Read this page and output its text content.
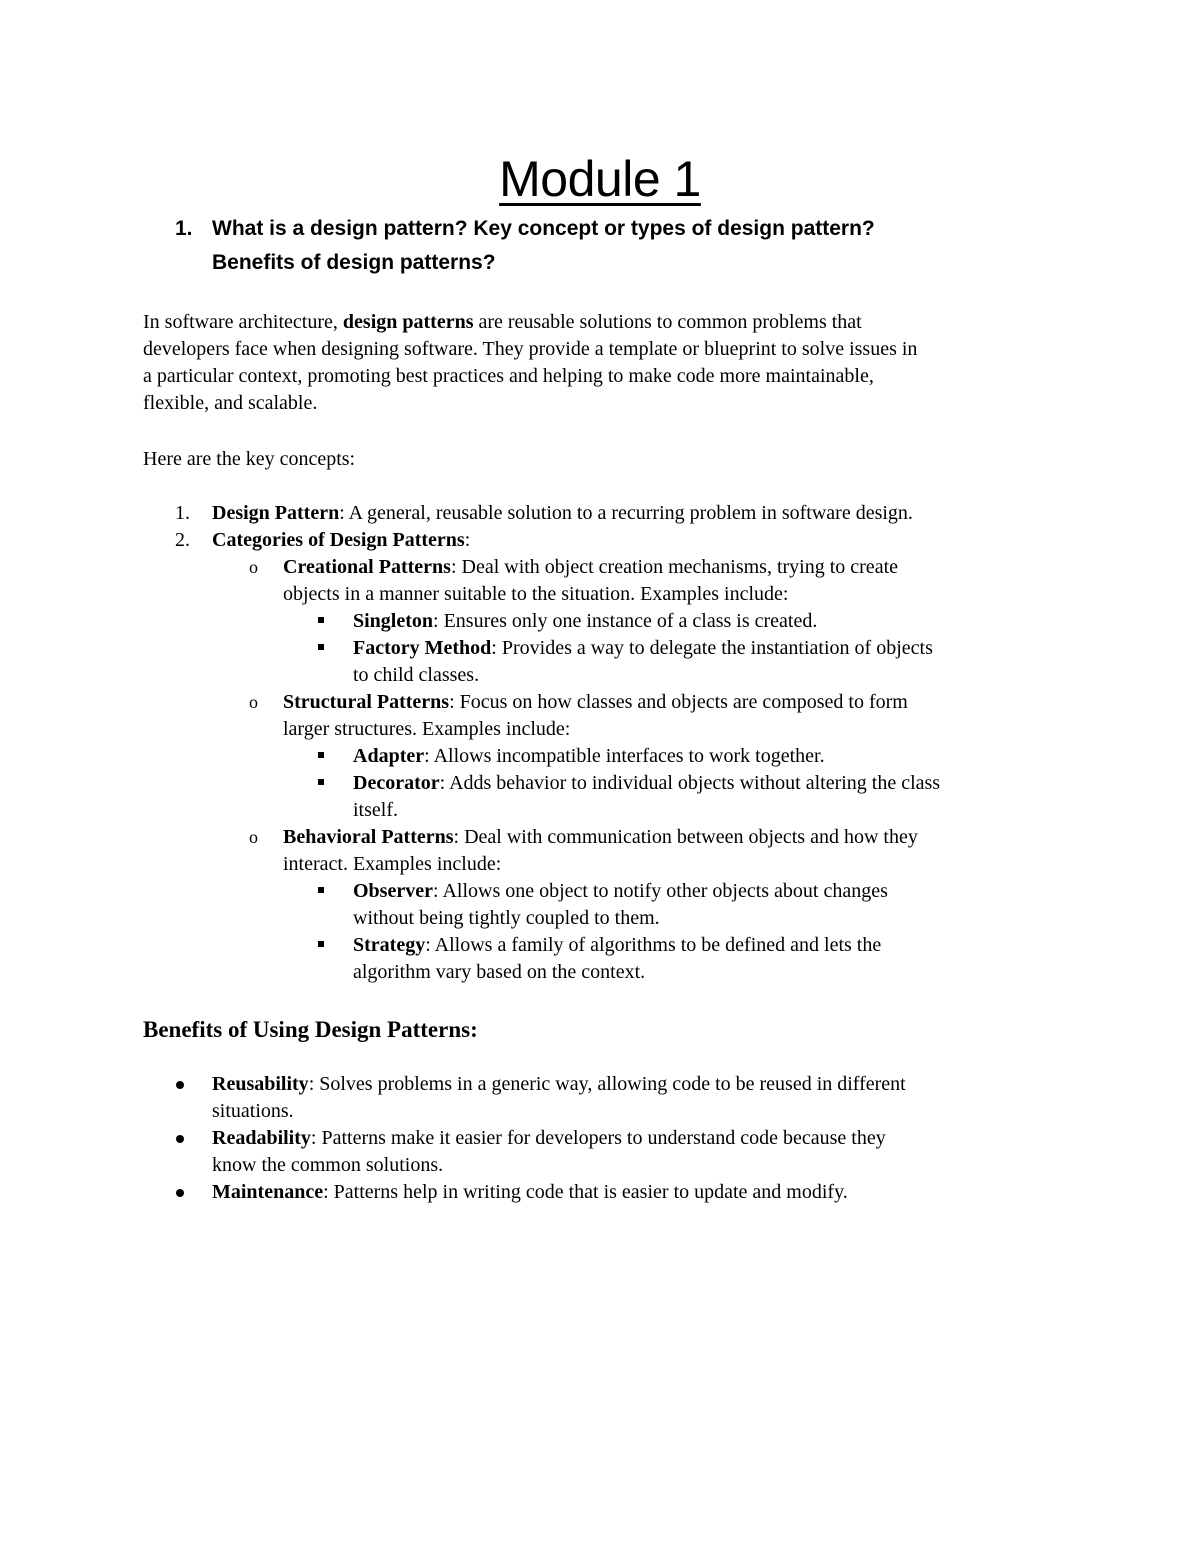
Module 1
1. What is a design pattern? Key concept or types of design pattern?
Benefits of design patterns?
In software architecture, design patterns are reusable solutions to common problems that
developers face when designing software. They provide a template or blueprint to solve issues in
a particular context, promoting best practices and helping to make code more maintainable,
flexible, and scalable.
Here are the key concepts:
1. Design Pattern: A general, reusable solution to a recurring problem in software design.
2. Categories of Design Patterns:
o Creational Patterns: Deal with object creation mechanisms, trying to create
objects in a manner suitable to the situation. Examples include:
Singleton: Ensures only one instance of a class is created.
Factory Method: Provides a way to delegate the instantiation of objects
to child classes.
o Structural Patterns: Focus on how classes and objects are composed to form
larger structures. Examples include:
Adapter: Allows incompatible interfaces to work together.
Decorator: Adds behavior to individual objects without altering the class
itself.
o Behavioral Patterns: Deal with communication between objects and how they
interact. Examples include:
Observer: Allows one object to notify other objects about changes
without being tightly coupled to them.
Strategy: Allows a family of algorithms to be defined and lets the
algorithm vary based on the context.
Benefits of Using Design Patterns:
Reusability: Solves problems in a generic way, allowing code to be reused in different
situations.
Readability: Patterns make it easier for developers to understand code because they
know the common solutions.
Maintenance: Patterns help in writing code that is easier to update and modify.
